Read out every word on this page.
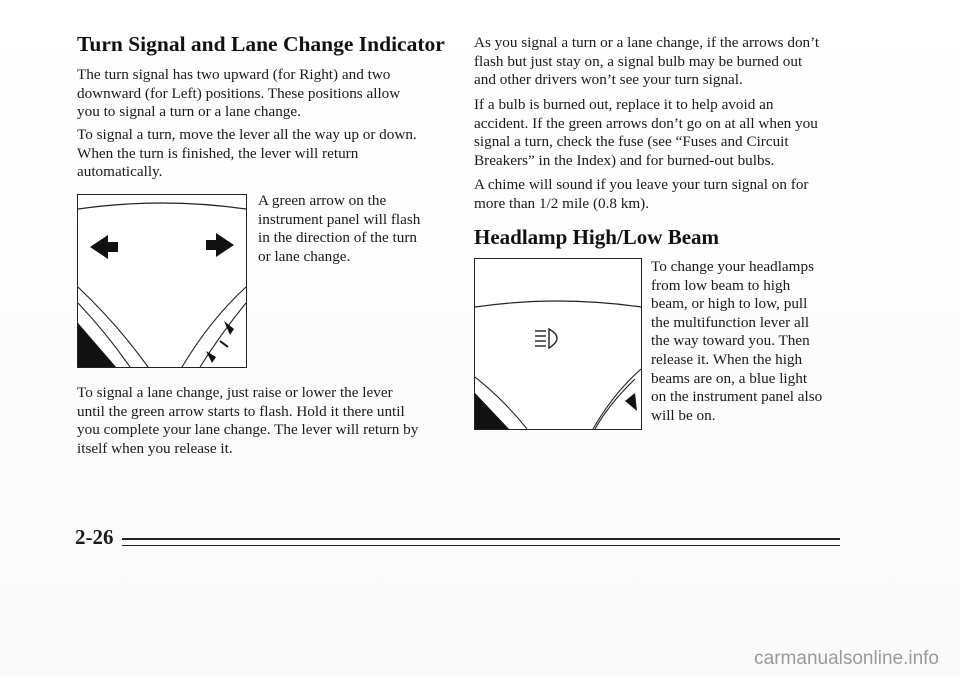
Turn Signal and Lane Change Indicator
The turn signal has two upward (for Right) and two
downward (for Left) positions. These positions allow
you to signal a turn or a lane change.
To signal a turn, move the lever all the way up or down.
When the turn is finished, the lever will return
automatically.
A green arrow on the
instrument panel will flash
in the direction of the turn
or lane change.
To signal a lane change, just raise or lower the lever
until the green arrow starts to flash. Hold it there until
you complete your lane change. The lever will return by
itself when you release it.
As you signal a turn or a lane change, if the arrows don’t
flash but just stay on, a signal bulb may be burned out
and other drivers won’t see your turn signal.
If a bulb is burned out, replace it to help avoid an
accident. If the green arrows don’t go on at all when you
signal a turn, check the fuse (see “Fuses and Circuit
Breakers” in the Index) and for burned-out bulbs.
A chime will sound if you leave your turn signal on for
more than 1/2 mile (0.8 km).
Headlamp High/Low Beam
To change your headlamps
from low beam to high
beam, or high to low, pull
the multifunction lever all
the way toward you. Then
release it. When the high
beams are on, a blue light
on the instrument panel also
will be on.
2-26
carmanualsonline.info
